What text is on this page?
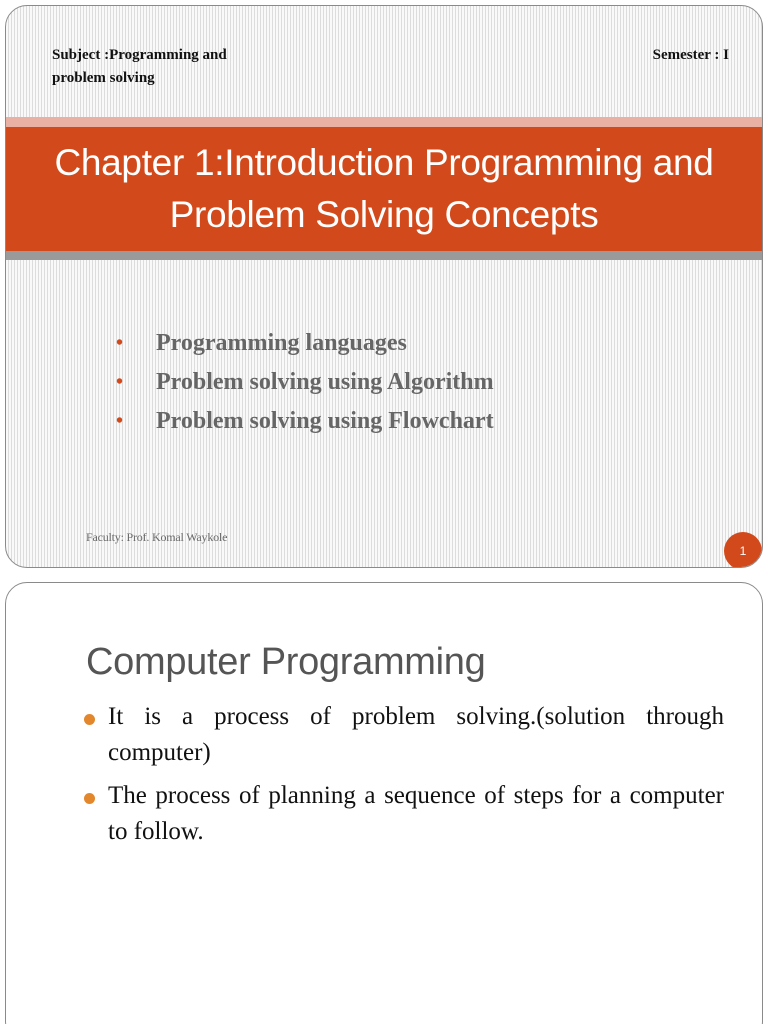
Subject :Programming and problem solving
Semester : I
Chapter 1:Introduction Programming and Problem Solving Concepts
• Programming languages
• Problem solving using Algorithm
• Problem solving using Flowchart
Faculty: Prof. Komal Waykole
1
Computer Programming
It is a process of problem solving.(solution through computer)
The process of planning a sequence of steps for a computer to follow.
